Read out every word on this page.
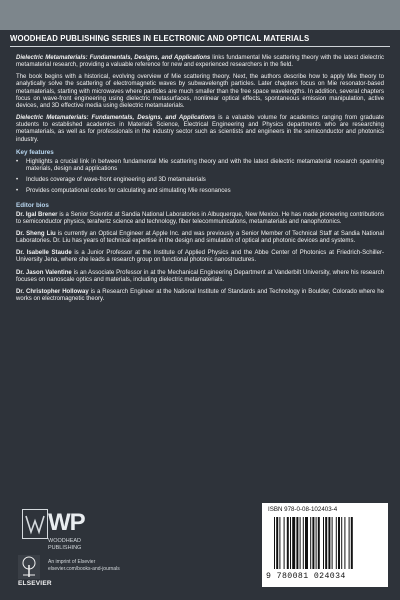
WOODHEAD PUBLISHING SERIES IN ELECTRONIC AND OPTICAL MATERIALS

Dielectric Metamaterials: Fundamentals, Designs, and Applications links fundamental Mie scattering theory with the latest dielectric metamaterial research, providing a valuable reference for new and experienced researchers in the field.

The book begins with a historical, evolving overview of Mie scattering theory. Next, the authors describe how to apply Mie theory to analytically solve the scattering of electromagnetic waves by subwavelength particles. Later chapters focus on Mie resonator-based metamaterials, starting with microwaves where particles are much smaller than the free space wavelengths. In addition, several chapters focus on wave-front engineering using dielectric metasurfaces, nonlinear optical effects, spontaneous emission manipulation, active devices, and 3D effective media using dielectric metamaterials.

Dielectric Metamaterials: Fundamentals, Designs, and Applications is a valuable volume for academics ranging from graduate students to established academics in Materials Science, Electrical Engineering and Physics departments who are researching metamaterials, as well as for professionals in the industry sector such as scientists and engineers in the semiconductor and photonics industry.

Key features
• Highlights a crucial link in between fundamental Mie scattering theory and with the latest dielectric metamaterial research spanning materials, design and applications
• Includes coverage of wave-front engineering and 3D metamaterials
• Provides computational codes for calculating and simulating Mie resonances
Editor bios

Dr. Igal Brener is a Senior Scientist at Sandia National Laboratories in Albuquerque, New Mexico. He has made pioneering contributions to semiconductor physics, terahertz science and technology, fiber telecommunications, metamaterials and nanophotonics.

Dr. Sheng Liu is currently an Optical Engineer at Apple Inc. and was previously a Senior Member of Technical Staff at Sandia National Laboratories. Dr. Liu has years of technical expertise in the design and simulation of optical and photonic devices and systems.

Dr. Isabelle Staude is a Junior Professor at the Institute of Applied Physics and the Abbe Center of Photonics at Friedrich-Schiller-University Jena, where she leads a research group on functional photonic nanostructures.

Dr. Jason Valentine is an Associate Professor in at the Mechanical Engineering Department at Vanderbilt University, where his research focuses on nanoscale optics and materials, including dielectric metamaterials.

Dr. Christopher Holloway is a Research Engineer at the National Institute of Standards and Technology in Boulder, Colorado where he works on electromagnetic theory.

WP
WOODHEAD
PUBLISHING
ELSEVIER
An imprint of Elsevier
elsevier.com/books-and-journals
ISBN 978-0-08-102403-4
9 780081 024034
